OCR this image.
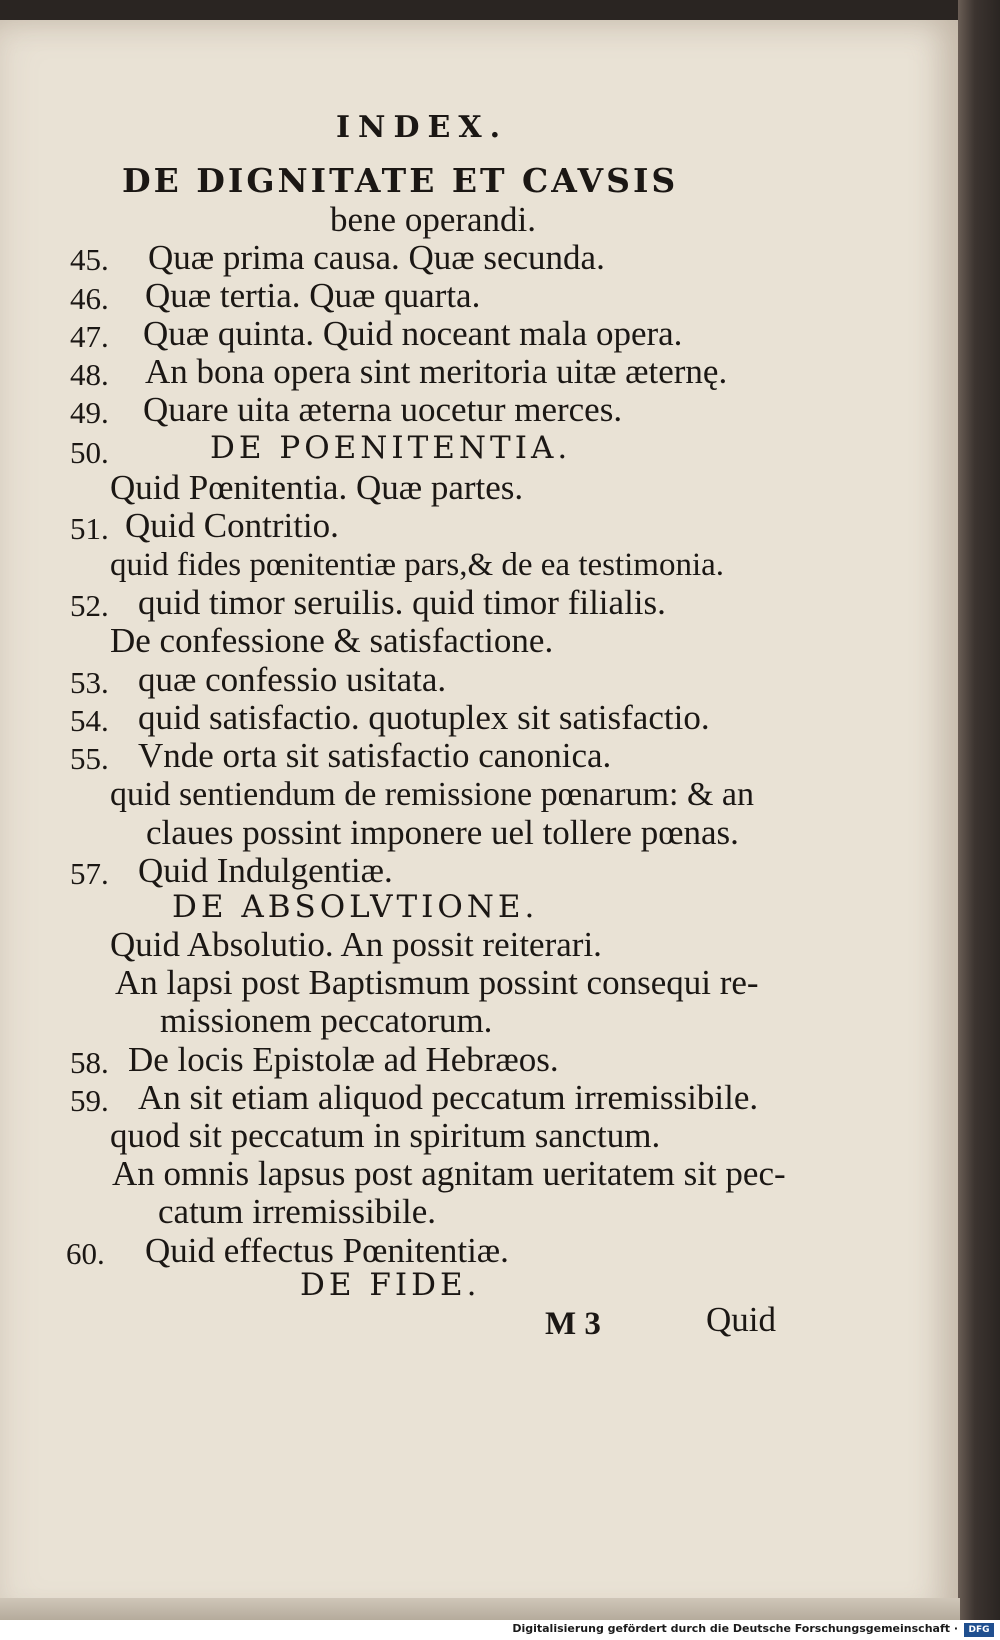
INDEX.
DE DIGNITATE ET CAVSIS
bene operandi.
45. Quæ prima causa. Quæ secunda.
46. Quæ tertia. Quæ quarta.
47. Quæ quinta. Quid noceant mala opera.
48. An bona opera sint meritoria uitæ æternę.
49. Quare uita æterna uocetur merces.
50.	DE POENITENTIA.
Quid Pœnitentia. Quæ partes.
51. Quid Contritio.
quid fides pœnitentiæ pars,& de ea testimonia.
52. quid timor seruilis. quid timor filialis.
De confessione & satisfactione.
53. quæ confessio usitata.
54. quid satisfactio. quotuplex sit satisfactio.
55. Vnde orta sit satisfactio canonica.
quid sentiendum de remissione pœnarum: & an
claues possint imponere uel tollere pœnas.
57. Quid Indulgentiæ.
DE ABSOLVTIONE.
Quid Absolutio. An possit reiterari.
An lapsi post Baptismum possint consequi re-
missionem peccatorum.
58. De locis Epistolæ ad Hebræos.
59. An sit etiam aliquod peccatum irremissibile.
quod sit peccatum in spiritum sanctum.
An omnis lapsus post agnitam ueritatem sit pec-
catum irremissibile.
60. Quid effectus Pœnitentiæ.
DE FIDE.
M 3	Quid
Digitalisierung gefördert durch die Deutsche Forschungsgemeinschaft ·	DFG
